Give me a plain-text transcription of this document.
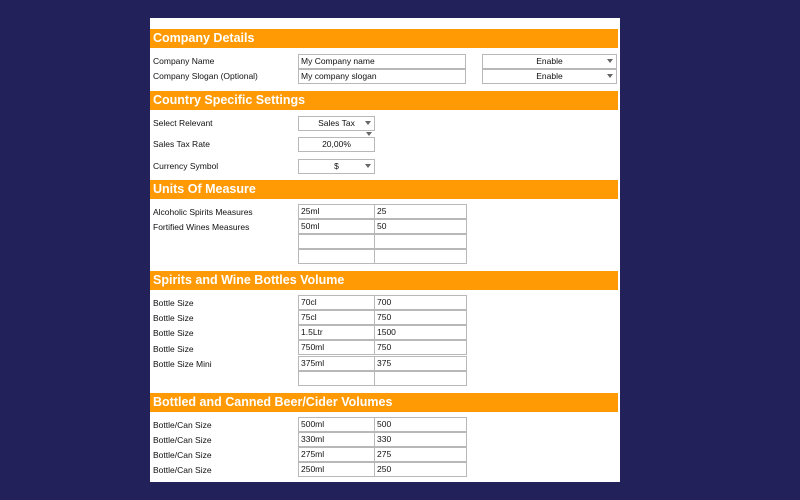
Company Details
Company Name	My Company name	Enable
Company Slogan (Optional)	My company slogan	Enable
Country Specific Settings
Select Relevant	Sales Tax
Sales Tax Rate	20,00%
Currency Symbol	$
Units Of Measure
Alcoholic Spirits Measures	25ml	25
Fortified Wines Measures	50ml	50
Spirits and Wine Bottles Volume
Bottle Size	70cl	700
Bottle Size	75cl	750
Bottle Size	1.5Ltr	1500
Bottle Size	750ml	750
Bottle Size Mini	375ml	375
Bottled and Canned Beer/Cider Volumes
Bottle/Can Size	500ml	500
Bottle/Can Size	330ml	330
Bottle/Can Size	275ml	275
Bottle/Can Size	250ml	250
